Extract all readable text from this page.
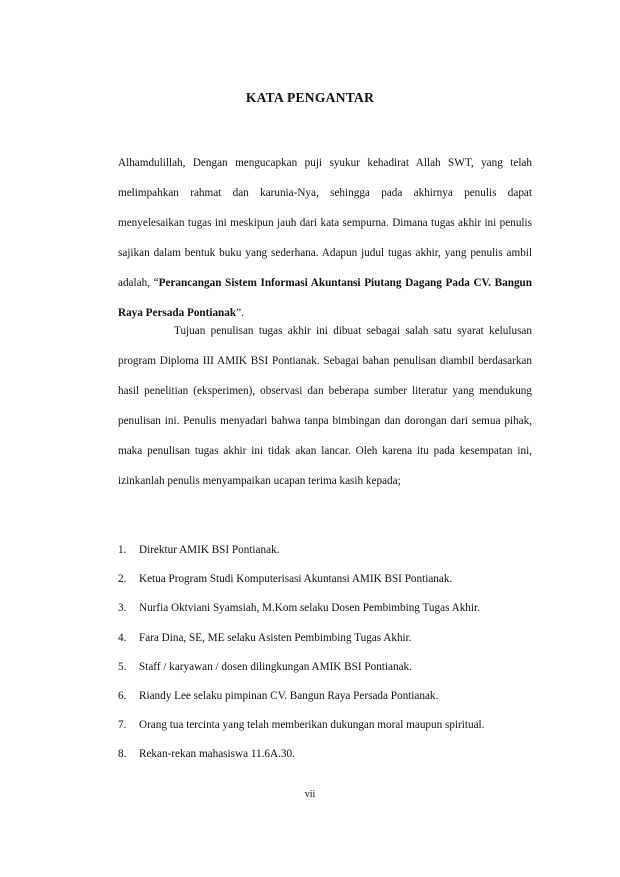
KATA PENGANTAR

Alhamdulillah, Dengan mengucapkan puji syukur kehadirat Allah SWT, yang telah melimpahkan rahmat dan karunia-Nya, sehingga pada akhirnya penulis dapat menyelesaikan tugas ini meskipun jauh dari kata sempurna. Dimana tugas akhir ini penulis sajikan dalam bentuk buku yang sederhana. Adapun judul tugas akhir, yang penulis ambil adalah, “Perancangan Sistem Informasi Akuntansi Piutang Dagang Pada CV. Bangun Raya Persada Pontianak”.

Tujuan penulisan tugas akhir ini dibuat sebagai salah satu syarat kelulusan program Diploma III AMIK BSI Pontianak. Sebagai bahan penulisan diambil berdasarkan hasil penelitian (eksperimen), observasi dan beberapa sumber literatur yang mendukung penulisan ini. Penulis menyadari bahwa tanpa bimbingan dan dorongan dari semua pihak, maka penulisan tugas akhir ini tidak akan lancar. Oleh karena itu pada kesempatan ini, izinkanlah penulis menyampaikan ucapan terima kasih kepada;

1. Direktur AMIK BSI Pontianak.
2. Ketua Program Studi Komputerisasi Akuntansi AMIK BSI Pontianak.
3. Nurfia Oktviani Syamsiah, M.Kom selaku Dosen Pembimbing Tugas Akhir.
4. Fara Dina, SE, ME selaku Asisten Pembimbing Tugas Akhir.
5. Staff / karyawan / dosen dilingkungan AMIK BSI Pontianak.
6. Riandy Lee selaku pimpinan CV. Bangun Raya Persada Pontianak.
7. Orang tua tercinta yang telah memberikan dukungan moral maupun spiritual.
8. Rekan-rekan mahasiswa 11.6A.30.

vii
